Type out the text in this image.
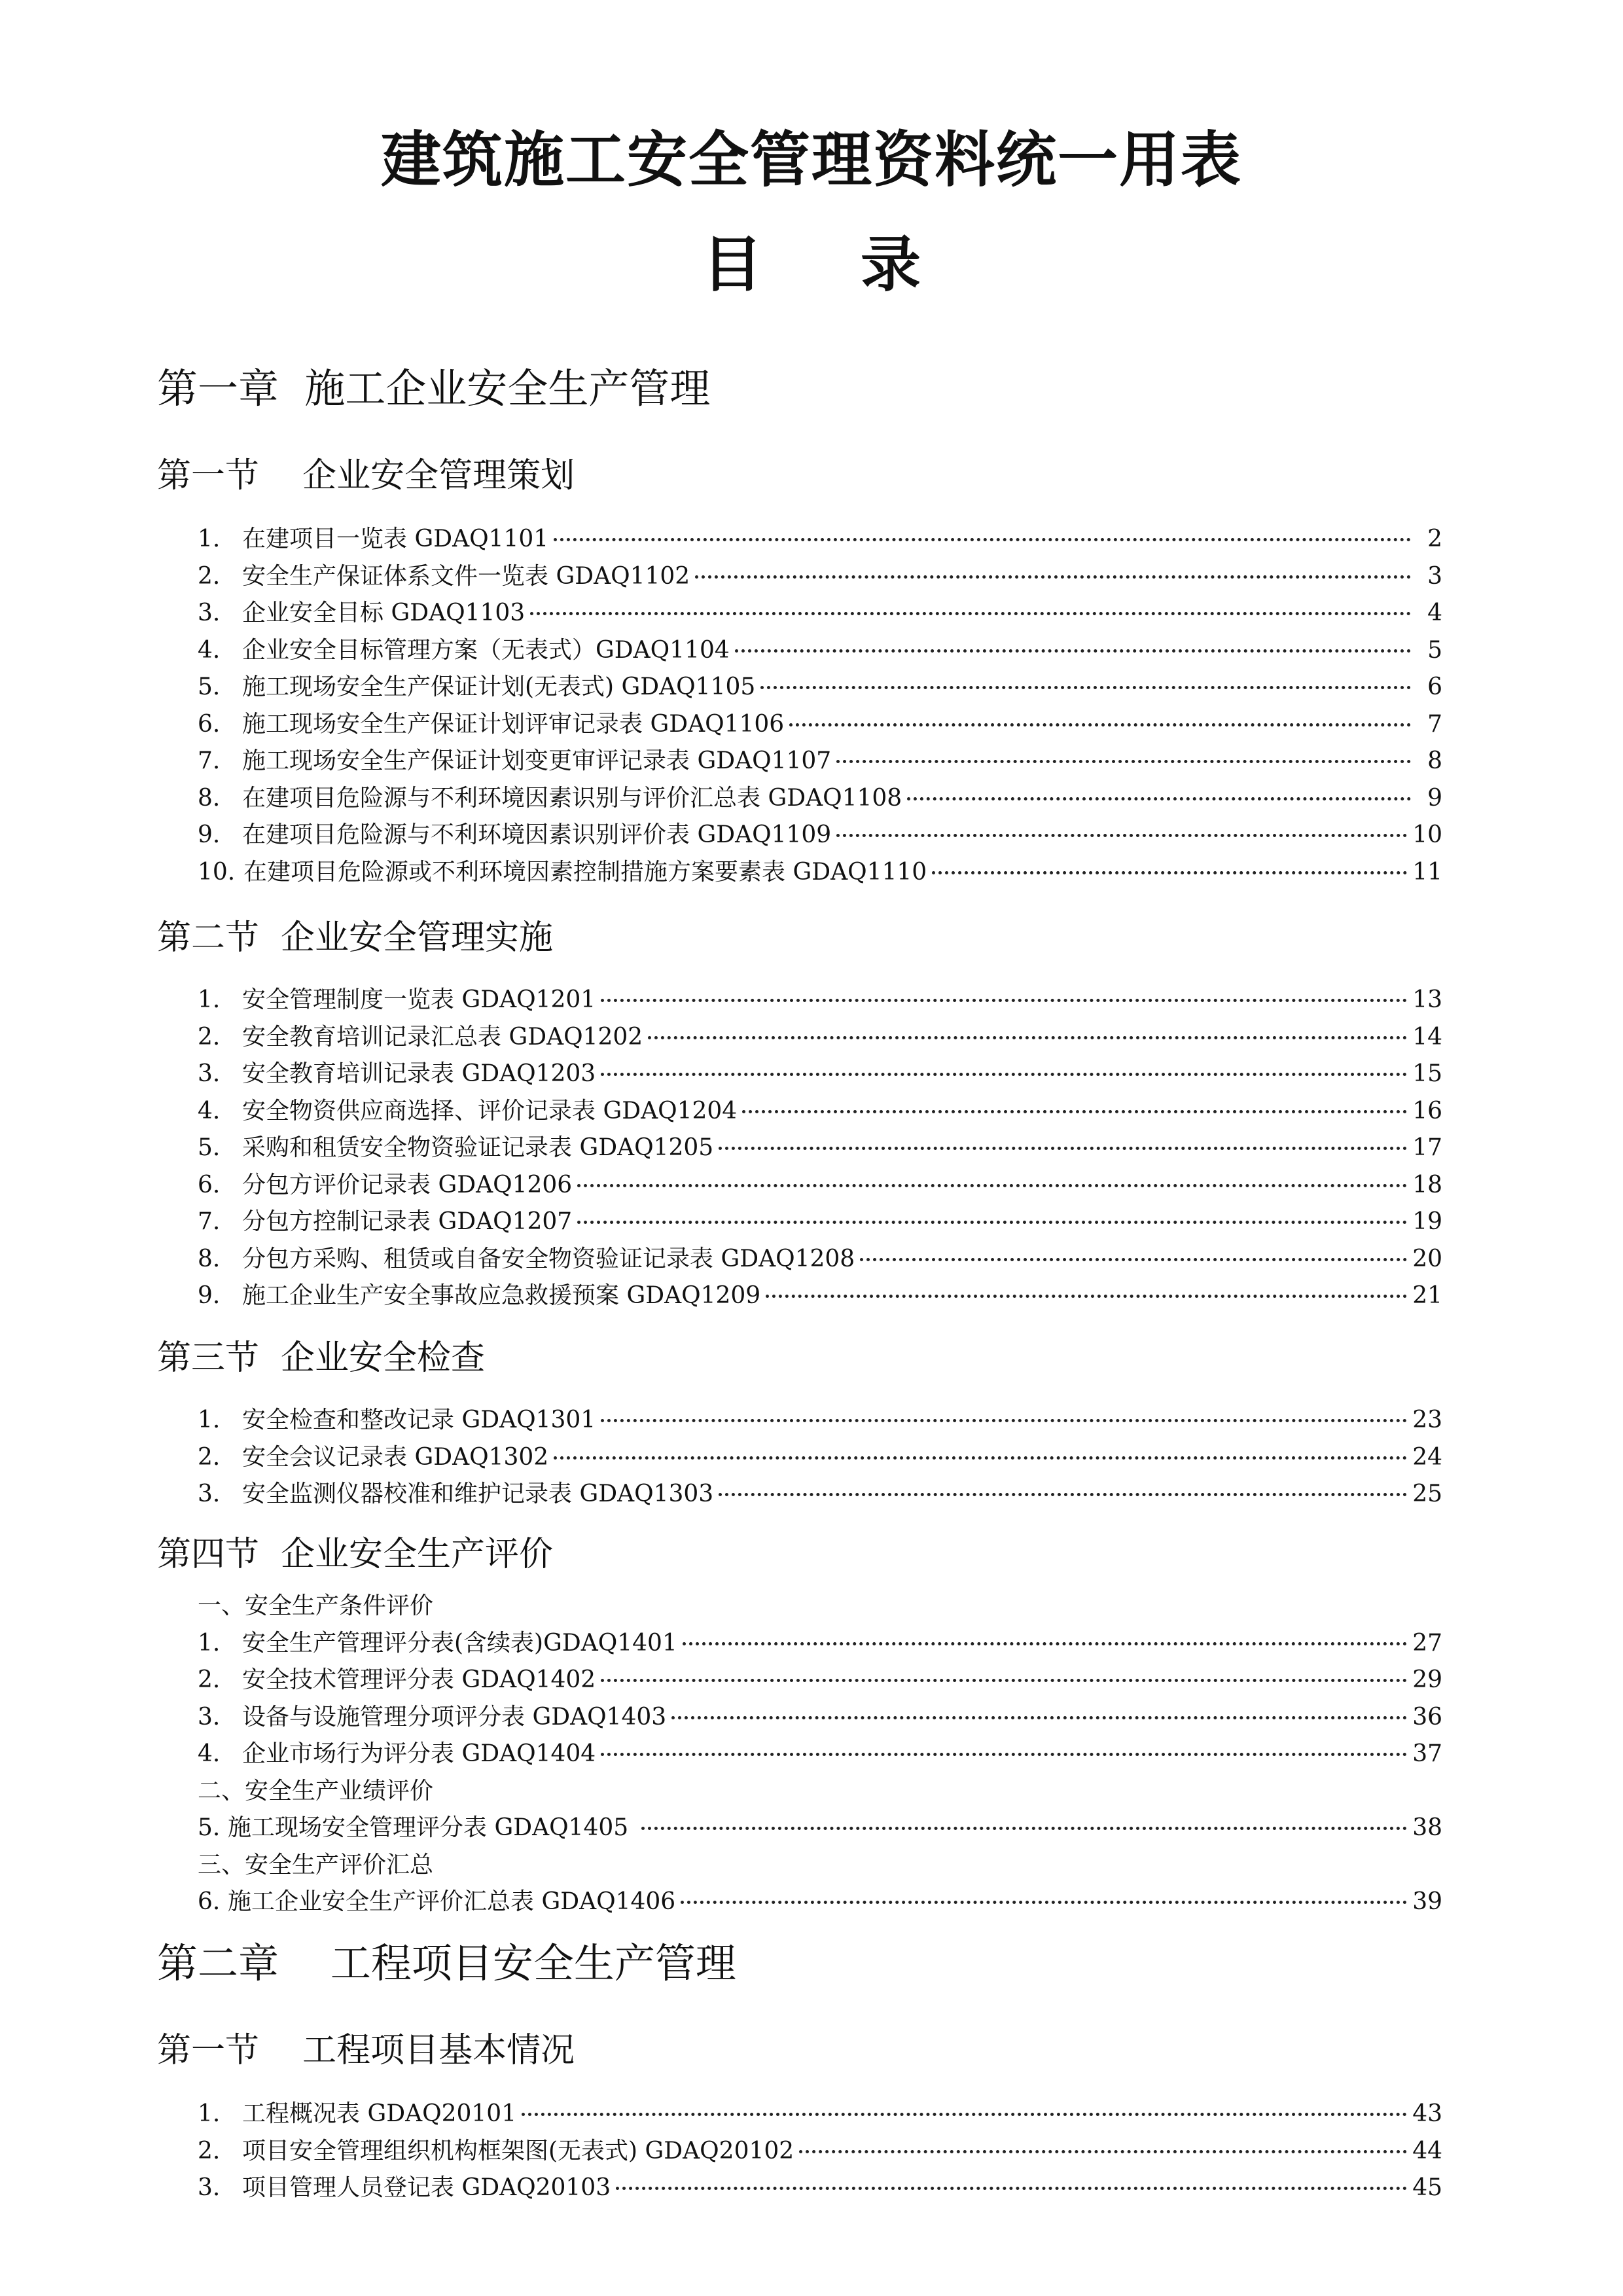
建筑施工安全管理资料统一用表
目录
第一章  施工企业安全生产管理
第一节    企业安全管理策划
1. 在建项目一览表 GDAQ1101	2
2. 安全生产保证体系文件一览表 GDAQ1102	3
3. 企业安全目标 GDAQ1103	4
4. 企业安全目标管理方案（无表式）GDAQ1104	5
5. 施工现场安全生产保证计划(无表式) GDAQ1105	6
6. 施工现场安全生产保证计划评审记录表 GDAQ1106	7
7. 施工现场安全生产保证计划变更审评记录表 GDAQ1107	8
8. 在建项目危险源与不利环境因素识别与评价汇总表 GDAQ1108	9
9. 在建项目危险源与不利环境因素识别评价表 GDAQ1109	10
10. 在建项目危险源或不利环境因素控制措施方案要素表 GDAQ1110	11
第二节  企业安全管理实施
1. 安全管理制度一览表 GDAQ1201	13
2. 安全教育培训记录汇总表 GDAQ1202	14
3. 安全教育培训记录表 GDAQ1203	15
4. 安全物资供应商选择、评价记录表 GDAQ1204	16
5. 采购和租赁安全物资验证记录表 GDAQ1205	17
6. 分包方评价记录表 GDAQ1206	18
7. 分包方控制记录表 GDAQ1207	19
8. 分包方采购、租赁或自备安全物资验证记录表 GDAQ1208	20
9. 施工企业生产安全事故应急救援预案 GDAQ1209	21
第三节  企业安全检查
1. 安全检查和整改记录 GDAQ1301	23
2. 安全会议记录表 GDAQ1302	24
3. 安全监测仪器校准和维护记录表 GDAQ1303	25
第四节  企业安全生产评价
一、安全生产条件评价
1. 安全生产管理评分表(含续表)GDAQ1401	27
2. 安全技术管理评分表 GDAQ1402	29
3. 设备与设施管理分项评分表 GDAQ1403	36
4. 企业市场行为评分表 GDAQ1404	37
二、安全生产业绩评价
5. 施工现场安全管理评分表 GDAQ1405	38
三、安全生产评价汇总
6. 施工企业安全生产评价汇总表 GDAQ1406	39
第二章    工程项目安全生产管理
第一节    工程项目基本情况
1. 工程概况表 GDAQ20101	43
2. 项目安全管理组织机构框架图(无表式) GDAQ20102	44
3. 项目管理人员登记表 GDAQ20103	45
